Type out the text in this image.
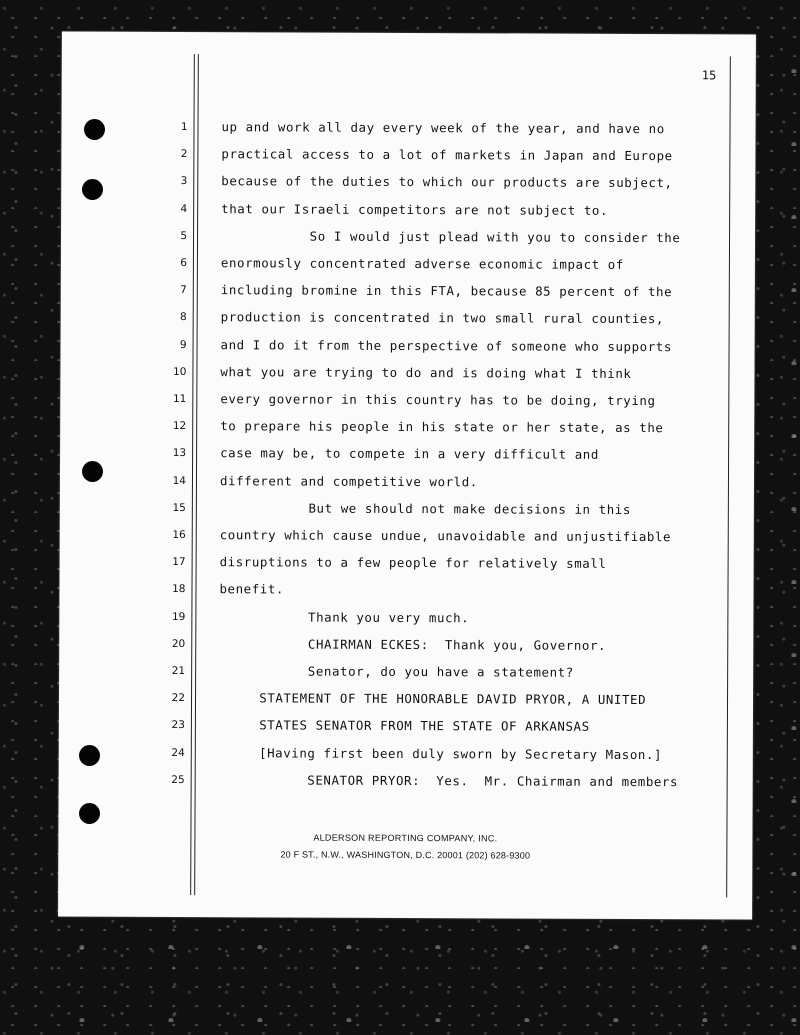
15
1
2
3
4
5
6
7
8
9
10
11
12
13
14
15
16
17
18
19
20
21
22
23
24
25
up and work all day every week of the year, and have no
practical access to a lot of markets in Japan and Europe
because of the duties to which our products are subject,
that our Israeli competitors are not subject to.
So I would just plead with you to consider the
enormously concentrated adverse economic impact of
including bromine in this FTA, because 85 percent of the
production is concentrated in two small rural counties,
and I do it from the perspective of someone who supports
what you are trying to do and is doing what I think
every governor in this country has to be doing, trying
to prepare his people in his state or her state, as the
case may be, to compete in a very difficult and
different and competitive world.
But we should not make decisions in this
country which cause undue, unavoidable and unjustifiable
disruptions to a few people for relatively small
benefit.
Thank you very much.
CHAIRMAN ECKES:  Thank you, Governor.
Senator, do you have a statement?
STATEMENT OF THE HONORABLE DAVID PRYOR, A UNITED
STATES SENATOR FROM THE STATE OF ARKANSAS
[Having first been duly sworn by Secretary Mason.]
SENATOR PRYOR:  Yes.  Mr. Chairman and members
ALDERSON REPORTING COMPANY, INC.
20 F ST., N.W., WASHINGTON, D.C. 20001 (202) 628-9300
